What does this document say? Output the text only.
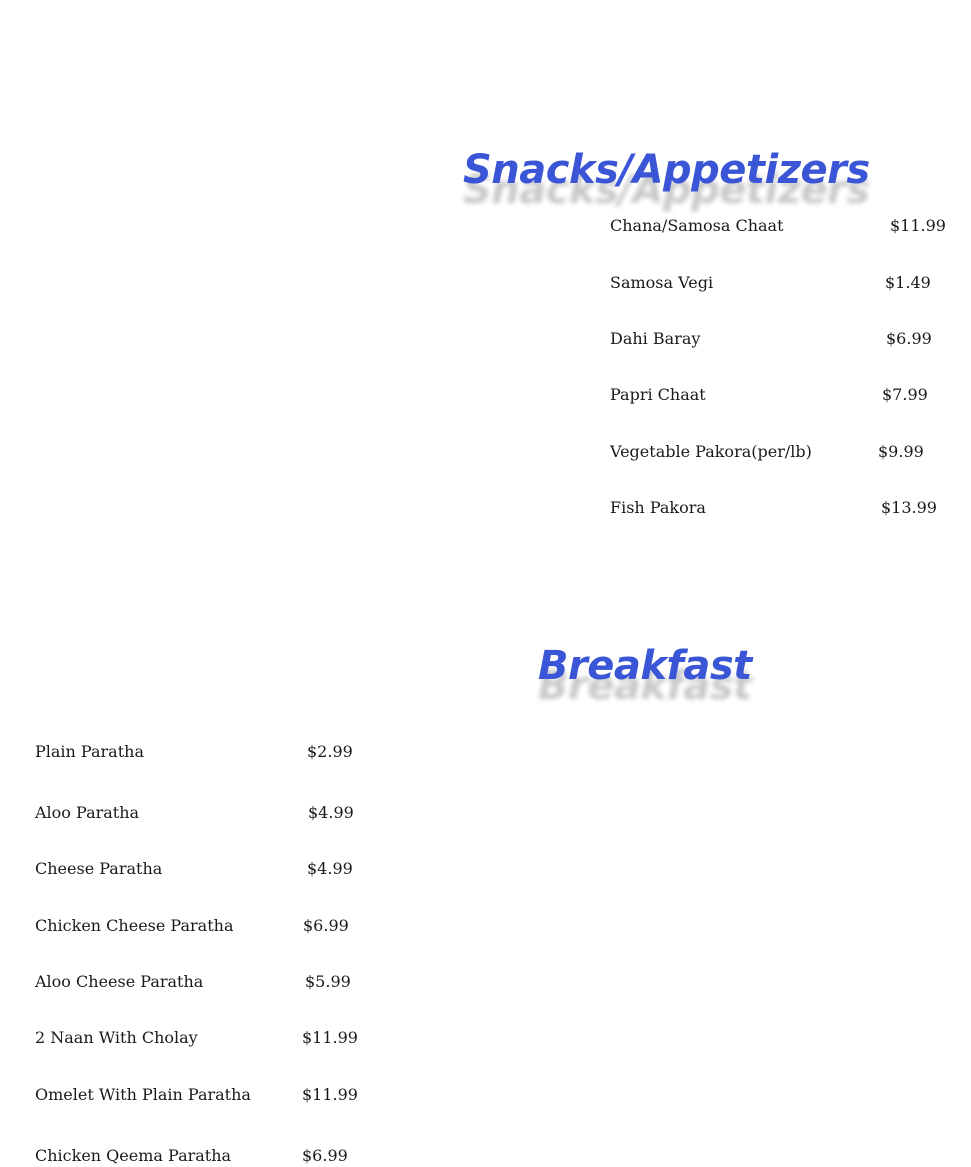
Snacks/Appetizers
Chana/Samosa Chaat	$11.99
Samosa Vegi	$1.49
Dahi Baray	$6.99
Papri Chaat	$7.99
Vegetable Pakora(per/lb)	$9.99
Fish Pakora	$13.99
Breakfast
Plain Paratha	$2.99
Aloo Paratha	$4.99
Cheese Paratha	$4.99
Chicken Cheese Paratha	$6.99
Aloo Cheese Paratha	$5.99
2 Naan With Cholay	$11.99
Omelet With Plain Paratha	$11.99
Chicken Qeema Paratha	$6.99
